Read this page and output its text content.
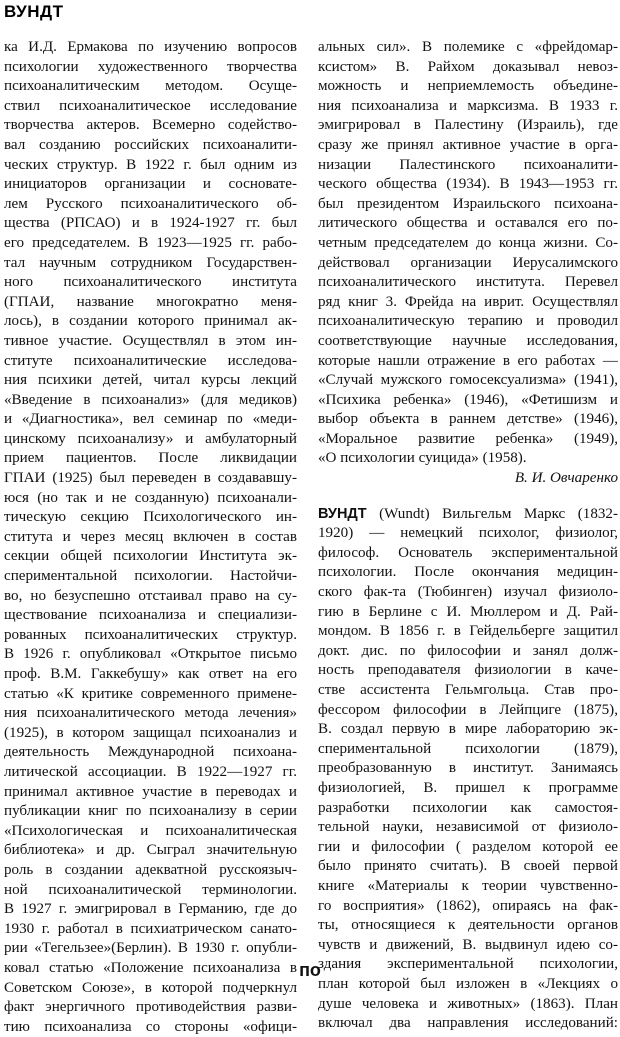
ВУНДТ
ка И.Д. Ермакова по изучению вопросов
психологии художественного творчества
психоаналитическим методом. Осуще-
ствил психоаналитическое исследование
творчества актеров. Всемерно содейство-
вал созданию российских психоаналити-
ческих структур. В 1922 г. был одним из
инициаторов организации и сосновате-
лем Русского психоаналитического об-
щества (РПСАО) и в 1924-1927 гг. был
его председателем. В 1923—1925 гг. рабо-
тал научным сотрудником Государствен-
ного психоаналитического института
(ГПАИ, название многократно меня-
лось), в создании которого принимал ак-
тивное участие. Осуществлял в этом ин-
ституте психоаналитические исследова-
ния психики детей, читал курсы лекций
«Введение в психоанализ» (для медиков)
и «Диагностика», вел семинар по «меди-
цинскому психоанализу» и амбулаторный
прием пациентов. После ликвидации
ГПАИ (1925) был переведен в создававшу-
юся (но так и не созданную) психоанали-
тическую секцию Психологического ин-
ститута и через месяц включен в состав
секции общей психологии Института эк-
спериментальной психологии. Настойчи-
во, но безуспешно отстаивал право на су-
ществование психоанализа и специализи-
рованных психоаналитических структур.
В 1926 г. опубликовал «Открытое письмо
проф. В.М. Гаккебушу» как ответ на его
статью «К критике современного примене-
ния психоаналитического метода лечения»
(1925), в котором защищал психоанализ и
деятельность Международной психоана-
литической ассоциации. В 1922—1927 гг.
принимал активное участие в переводах и
публикации книг по психоанализу в серии
«Психологическая и психоаналитическая
библиотека» и др. Сыграл значительную
роль в создании адекватной русскоязыч-
ной психоаналитической терминологии.
В 1927 г. эмигрировал в Германию, где до
1930 г. работал в психиатрическом санато-
рии «Тегельзее»(Берлин). В 1930 г. опубли-
ковал статью «Положение психоанализа в
Советском Союзе», в которой подчеркнул
факт энергичного противодействия разви-
тию психоанализа со стороны «офици-
альных сил». В полемике с «фрейдомар-
ксистом» В. Райхом доказывал невоз-
можность и неприемлемость объедине-
ния психоанализа и марксизма. В 1933 г.
эмигрировал в Палестину (Израиль), где
сразу же принял активное участие в орга-
низации Палестинского психоаналити-
ческого общества (1934). В 1943—1953 гг.
был президентом Израильского психоана-
литического общества и оставался его по-
четным председателем до конца жизни. Со-
действовал организации Иерусалимского
психоаналитического института. Перевел
ряд книг 3. Фрейда на иврит. Осуществлял
психоаналитическую терапию и проводил
соответствующие научные исследования,
которые нашли отражение в его работах —
«Случай мужского гомосексуализма» (1941),
«Психика ребенка» (1946), «Фетишизм и
выбор объекта в раннем детстве» (1946),
«Моральное развитие ребенка» (1949),
«О психологии суицида» (1958).
В. И. Овчаренко
ВУНДТ (Wundt) Вильгельм Маркс (1832-
1920) — немецкий психолог, физиолог,
философ. Основатель экспериментальной
психологии. После окончания медицин-
ского фак-та (Тюбинген) изучал физиоло-
гию в Берлине с И. Мюллером и Д. Рай-
мондом. В 1856 г. в Гейдельберге защитил
докт. дис. по философии и занял долж-
ность преподавателя физиологии в каче-
стве ассистента Гельмгольца. Став про-
фессором философии в Лейпциге (1875),
В. создал первую в мире лабораторию эк-
спериментальной психологии (1879),
преобразованную в институт. Занимаясь
физиологией, В. пришел к программе
разработки психологии как самостоя-
тельной науки, независимой от физиоло-
гии и философии ( разделом которой ее
было принято считать). В своей первой
книге «Материалы к теории чувственно-
го восприятия» (1862), опираясь на фак-
ты, относящиеся к деятельности органов
чувств и движений, В. выдвинул идею со-
здания экспериментальной психологии,
план которой был изложен в «Лекциях о
душе человека и животных» (1863). План
включал два направления исследований:
по
